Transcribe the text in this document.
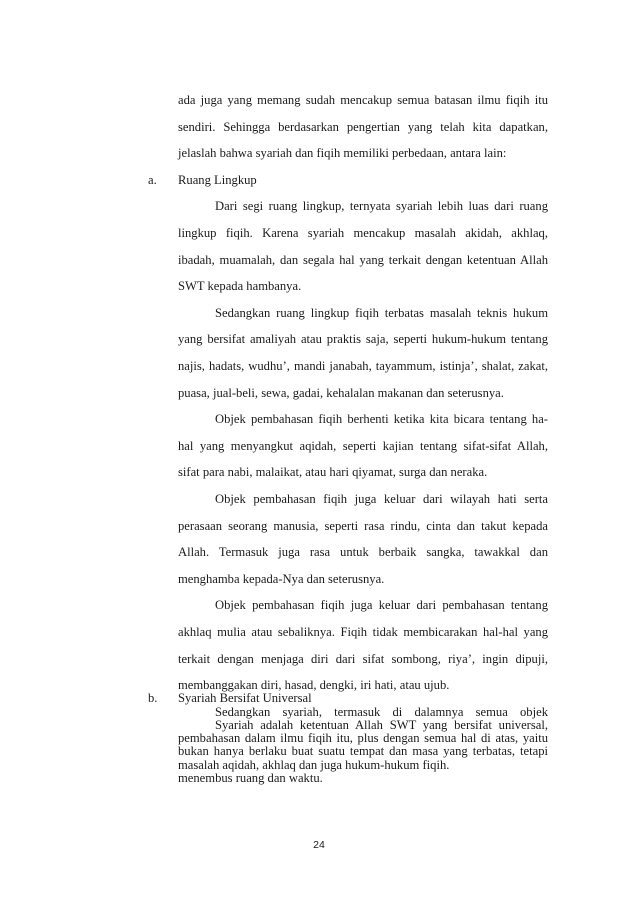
ada juga yang memang sudah mencakup semua batasan ilmu fiqih itu
sendiri. Sehingga berdasarkan pengertian yang telah kita dapatkan,
jelaslah bahwa syariah dan fiqih memiliki perbedaan, antara lain:
a. Ruang Lingkup
Dari segi ruang lingkup, ternyata syariah lebih luas dari ruang
lingkup fiqih. Karena syariah mencakup masalah akidah, akhlaq,
ibadah, muamalah, dan segala hal yang terkait dengan ketentuan Allah
SWT kepada hambanya.
Sedangkan ruang lingkup fiqih terbatas masalah teknis hukum
yang bersifat amaliyah atau praktis saja, seperti hukum-hukum tentang
najis, hadats, wudhu’, mandi janabah, tayammum, istinja’, shalat, zakat,
puasa, jual-beli, sewa, gadai, kehalalan makanan dan seterusnya.
Objek pembahasan fiqih berhenti ketika kita bicara tentang ha-
hal yang menyangkut aqidah, seperti kajian tentang sifat-sifat Allah,
sifat para nabi, malaikat, atau hari qiyamat, surga dan neraka.
Objek pembahasan fiqih juga keluar dari wilayah hati serta
perasaan seorang manusia, seperti rasa rindu, cinta dan takut kepada
Allah. Termasuk juga rasa untuk berbaik sangka, tawakkal dan
menghamba kepada-Nya dan seterusnya.
Objek pembahasan fiqih juga keluar dari pembahasan tentang
akhlaq mulia atau sebaliknya. Fiqih tidak membicarakan hal-hal yang
terkait dengan menjaga diri dari sifat sombong, riya’, ingin dipuji,
membanggakan diri, hasad, dengki, iri hati, atau ujub.
Sedangkan syariah, termasuk di dalamnya semua objek
pembahasan dalam ilmu fiqih itu, plus dengan semua hal di atas, yaitu
masalah aqidah, akhlaq dan juga hukum-hukum fiqih.
b. Syariah Bersifat Universal
Syariah adalah ketentuan Allah SWT yang bersifat universal,
bukan hanya berlaku buat suatu tempat dan masa yang terbatas, tetapi
menembus ruang dan waktu.
24
